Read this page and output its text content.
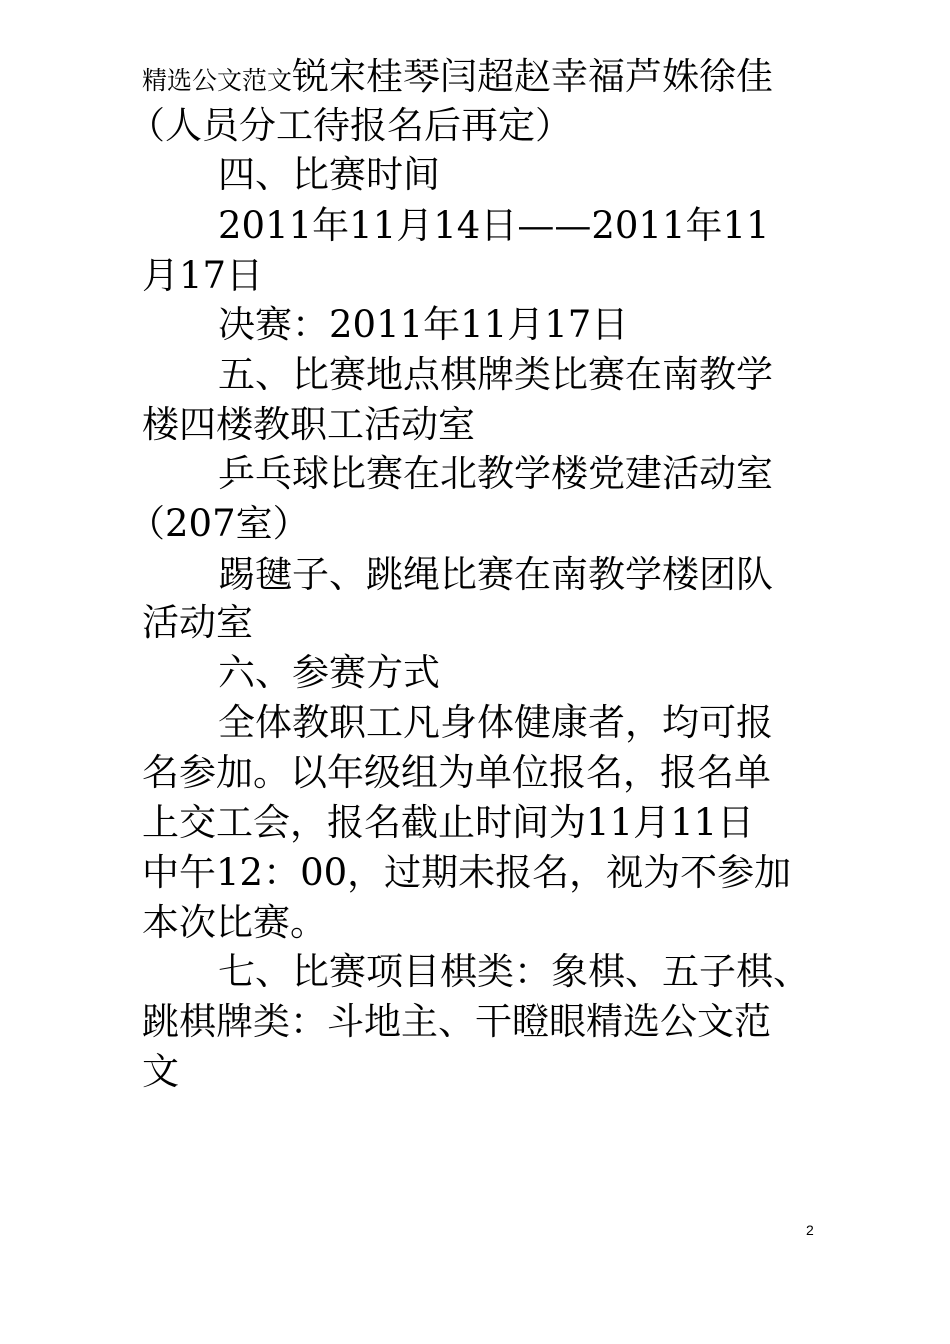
精选公文范文锐宋桂琴闫超赵幸福芦姝徐佳
（人员分工待报名后再定）
四、比赛时间
2011年11月14日——2011年11
月17日
决赛：2011年11月17日
五、比赛地点棋牌类比赛在南教学
楼四楼教职工活动室
乒乓球比赛在北教学楼党建活动室
（207室）
踢毽子、跳绳比赛在南教学楼团队
活动室
六、参赛方式
全体教职工凡身体健康者，均可报
名参加。以年级组为单位报名，报名单
上交工会，报名截止时间为11月11日
中午12：00，过期未报名，视为不参加
本次比赛。
七、比赛项目棋类：象棋、五子棋、
跳棋牌类：斗地主、干瞪眼精选公文范
文
2
